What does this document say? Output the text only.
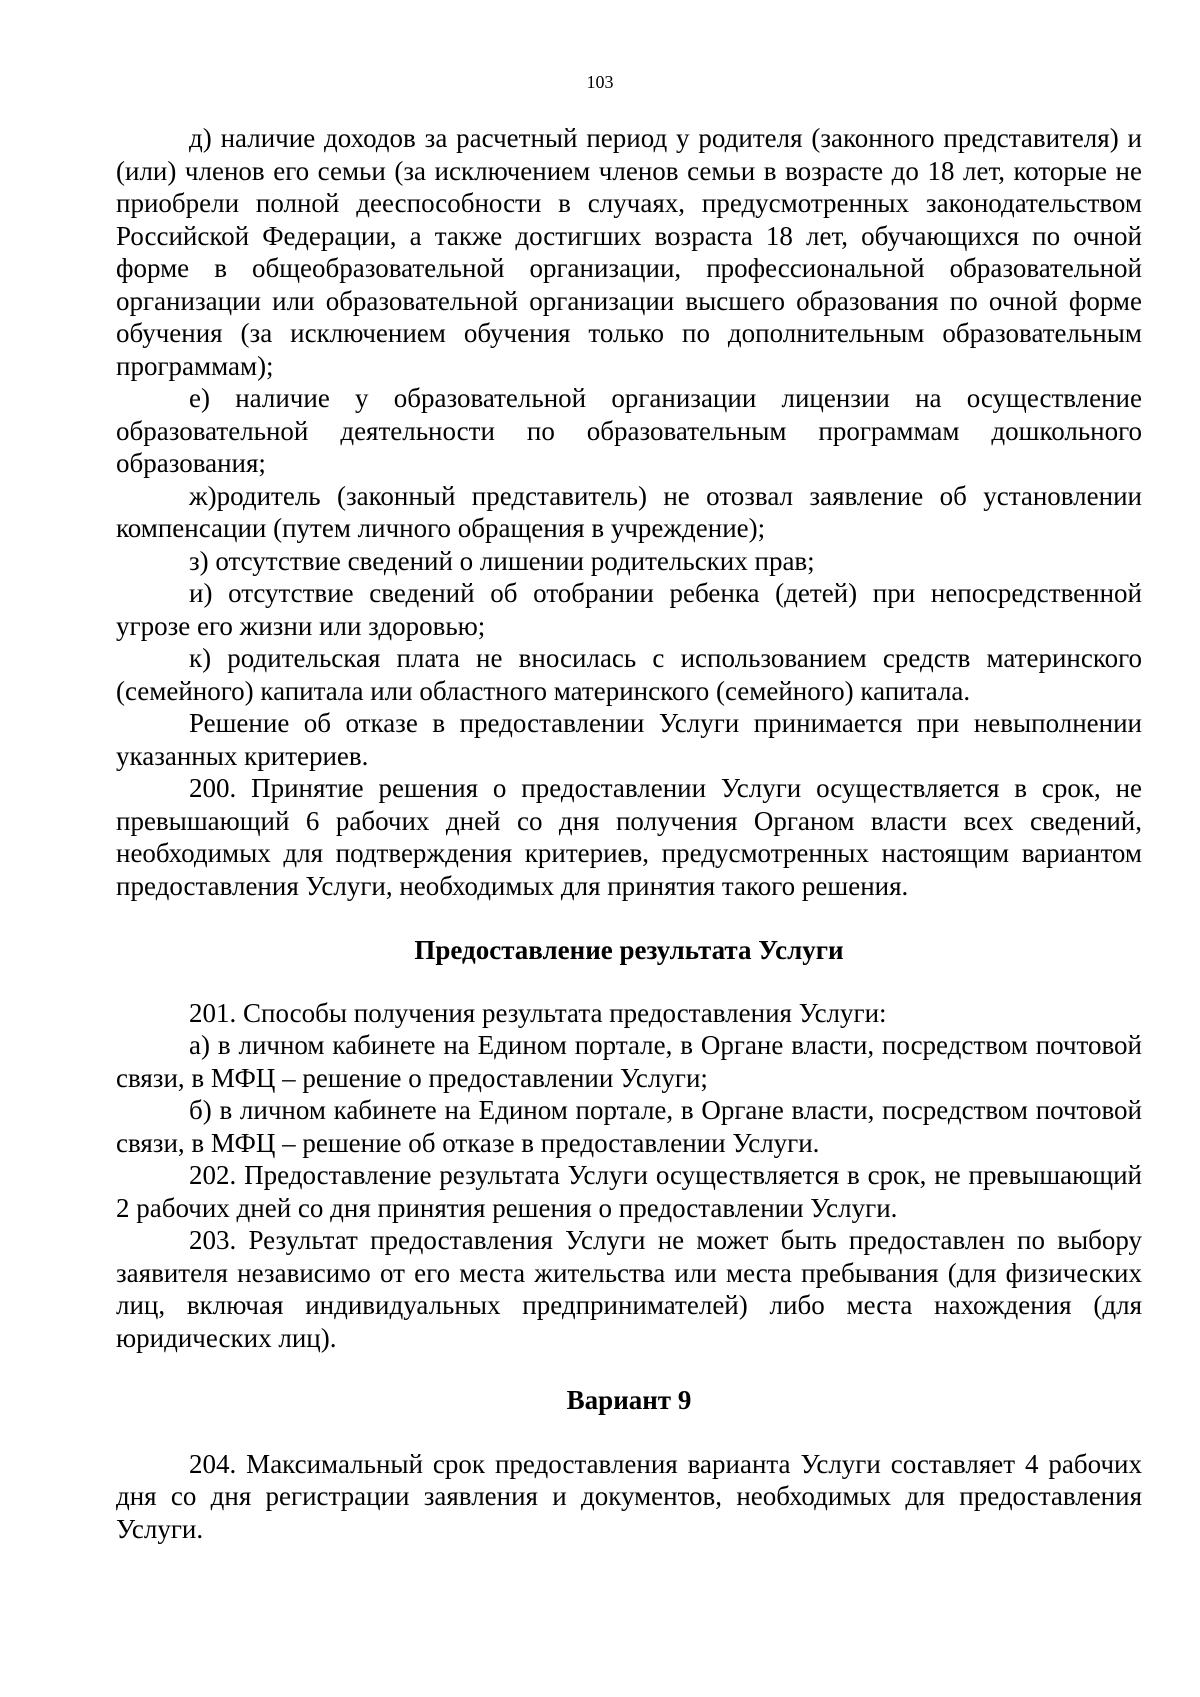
103

д) наличие доходов за расчетный период у родителя (законного представителя) и (или) членов его семьи (за исключением членов семьи в возрасте до 18 лет, которые не приобрели полной дееспособности в случаях, предусмотренных законодательством Российской Федерации, а также достигших возраста 18 лет, обучающихся по очной форме в общеобразовательной организации, профессиональной образовательной организации или образовательной организации высшего образования по очной форме обучения (за исключением обучения только по дополнительным образовательным программам);

е) наличие у образовательной организации лицензии на осуществление образовательной деятельности по образовательным программам дошкольного образования;

ж)родитель (законный представитель) не отозвал заявление об установлении компенсации (путем личного обращения в учреждение);

з) отсутствие сведений о лишении родительских прав;

и) отсутствие сведений об отобрании ребенка (детей) при непосредственной угрозе его жизни или здоровью;

к) родительская плата не вносилась с использованием средств материнского (семейного) капитала или областного материнского (семейного) капитала.

Решение об отказе в предоставлении Услуги принимается при невыполнении указанных критериев.

200. Принятие решения о предоставлении Услуги осуществляется в срок, не превышающий 6 рабочих дней со дня получения Органом власти всех сведений, необходимых для подтверждения критериев, предусмотренных настоящим вариантом предоставления Услуги, необходимых для принятия такого решения.

Предоставление результата Услуги

201. Способы получения результата предоставления Услуги:

а) в личном кабинете на Едином портале, в Органе власти, посредством почтовой связи, в МФЦ – решение о предоставлении Услуги;

б) в личном кабинете на Едином портале, в Органе власти, посредством почтовой связи, в МФЦ – решение об отказе в предоставлении Услуги.

202. Предоставление результата Услуги осуществляется в срок, не превышающий 2 рабочих дней со дня принятия решения о предоставлении Услуги.

203. Результат предоставления Услуги не может быть предоставлен по выбору заявителя независимо от его места жительства или места пребывания (для физических лиц, включая индивидуальных предпринимателей) либо места нахождения (для юридических лиц).

Вариант 9

204. Максимальный срок предоставления варианта Услуги составляет 4 рабочих дня со дня регистрации заявления и документов, необходимых для предоставления Услуги.
